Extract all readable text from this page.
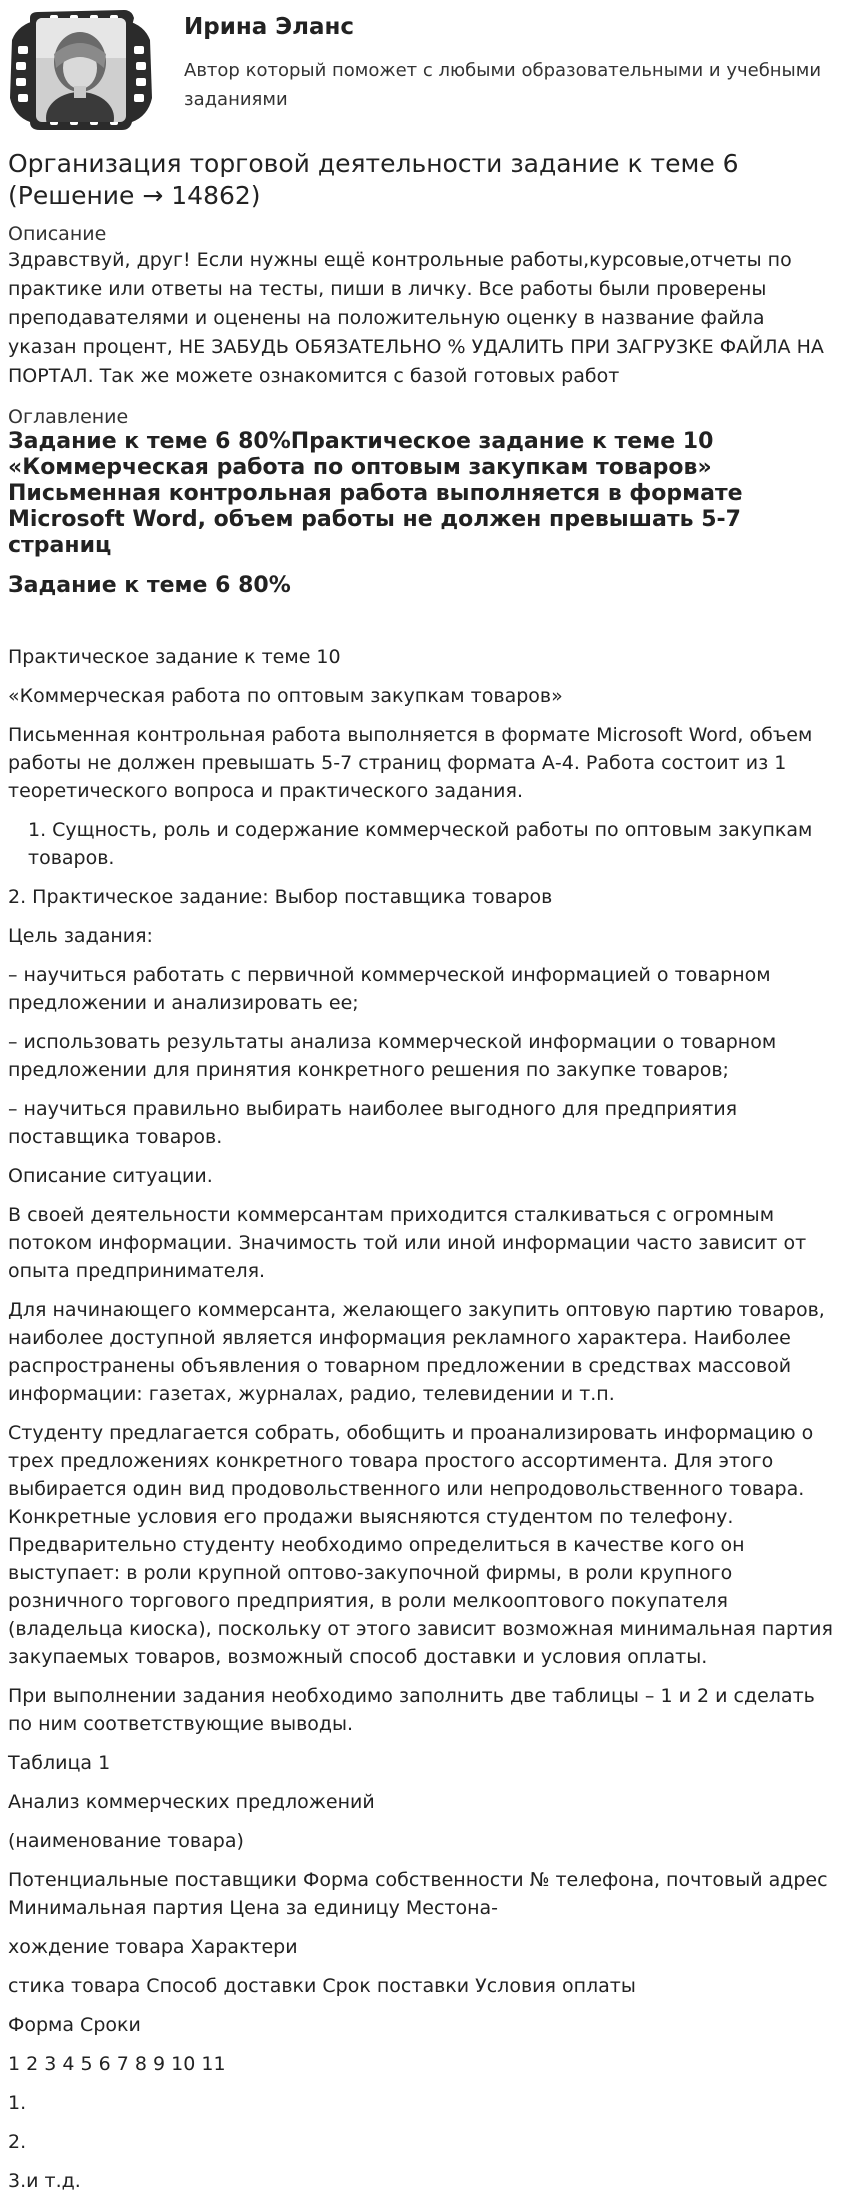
Ирина Эланс
Автор который поможет с любыми образовательными и учебными заданиями
Организация торговой деятельности задание к теме 6 (Решение → 14862)
Описание
Здравствуй, друг! Если нужны ещё контрольные работы,курсовые,отчеты по практике или ответы на тесты, пиши в личку. Все работы были проверены преподавателями и оценены на положительную оценку в название файла указан процент, НЕ ЗАБУДЬ ОБЯЗАТЕЛЬНО % УДАЛИТЬ ПРИ ЗАГРУЗКЕ ФАЙЛА НА ПОРТАЛ. Так же можете ознакомится с базой готовых работ
Оглавление
Задание к теме 6 80%Практическое задание к теме 10 «Коммерческая работа по оптовым закупкам товаров» Письменная контрольная работа выполняется в формате Microsoft Word, объем работы не должен превышать 5-7 страниц
Задание к теме 6 80%

Практическое задание к теме 10

«Коммерческая работа по оптовым закупкам товаров»

Письменная контрольная работа выполняется в формате Microsoft Word, объем работы не должен превышать 5-7 страниц формата А-4. Работа состоит из 1 теоретического вопроса и практического задания.

1. Сущность, роль и содержание коммерческой работы по оптовым закупкам товаров.

2. Практическое задание: Выбор поставщика товаров

Цель задания:

– научиться работать с первичной коммерческой информацией о товарном предложении и анализировать ее;

– использовать результаты анализа коммерческой информации о товарном предложении для принятия конкретного решения по закупке товаров;

– научиться правильно выбирать наиболее выгодного для предприятия поставщика товаров.

Описание ситуации.

В своей деятельности коммерсантам приходится сталкиваться с огромным потоком информации. Значимость той или иной информации часто зависит от опыта предпринимателя.

Для начинающего коммерсанта, желающего закупить оптовую партию товаров, наиболее доступной является информация рекламного характера. Наиболее распространены объявления о товарном предложении в средствах массовой информации: газетах, журналах, радио, телевидении и т.п.

Студенту предлагается собрать, обобщить и проанализировать информацию о трех предложениях конкретного товара простого ассортимента. Для этого выбирается один вид продовольственного или непродовольственного товара. Конкретные условия его продажи выясняются студентом по телефону. Предварительно студенту необходимо определиться в качестве кого он выступает: в роли крупной оптово-закупочной фирмы, в роли крупного розничного торгового предприятия, в роли мелкооптового покупателя (владельца киоска), поскольку от этого зависит возможная минимальная партия закупаемых товаров, возможный способ доставки и условия оплаты.

При выполнении задания необходимо заполнить две таблицы – 1 и 2 и сделать по ним соответствующие выводы.

Таблица 1

Анализ коммерческих предложений

(наименование товара)

Потенциальные поставщики Форма собственности № телефона, почтовый адрес Минимальная партия Цена за единицу Местона-

хождение товара Характери

стика товара Способ доставки Срок поставки Условия оплаты

Форма Сроки

1 2 3 4 5 6 7 8 9 10 11

1.

2.

3.и т.д.
